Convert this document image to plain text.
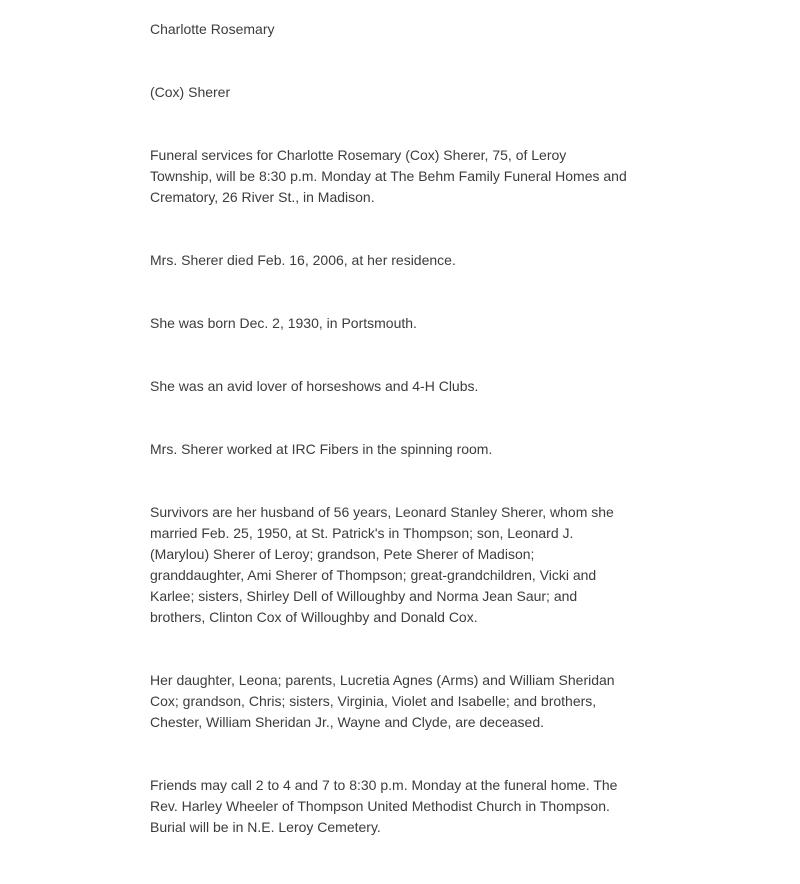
Charlotte Rosemary

(Cox) Sherer

Funeral services for Charlotte Rosemary (Cox) Sherer, 75, of Leroy Township, will be 8:30 p.m. Monday at The Behm Family Funeral Homes and Crematory, 26 River St., in Madison.

Mrs. Sherer died Feb. 16, 2006, at her residence.

She was born Dec. 2, 1930, in Portsmouth.

She was an avid lover of horseshows and 4-H Clubs.

Mrs. Sherer worked at IRC Fibers in the spinning room.

Survivors are her husband of 56 years, Leonard Stanley Sherer, whom she married Feb. 25, 1950, at St. Patrick's in Thompson; son, Leonard J. (Marylou) Sherer of Leroy; grandson, Pete Sherer of Madison; granddaughter, Ami Sherer of Thompson; great-grandchildren, Vicki and Karlee; sisters, Shirley Dell of Willoughby and Norma Jean Saur; and brothers, Clinton Cox of Willoughby and Donald Cox.

Her daughter, Leona; parents, Lucretia Agnes (Arms) and William Sheridan Cox; grandson, Chris; sisters, Virginia, Violet and Isabelle; and brothers, Chester, William Sheridan Jr., Wayne and Clyde, are deceased.

Friends may call 2 to 4 and 7 to 8:30 p.m. Monday at the funeral home. The Rev. Harley Wheeler of Thompson United Methodist Church in Thompson. Burial will be in N.E. Leroy Cemetery.
